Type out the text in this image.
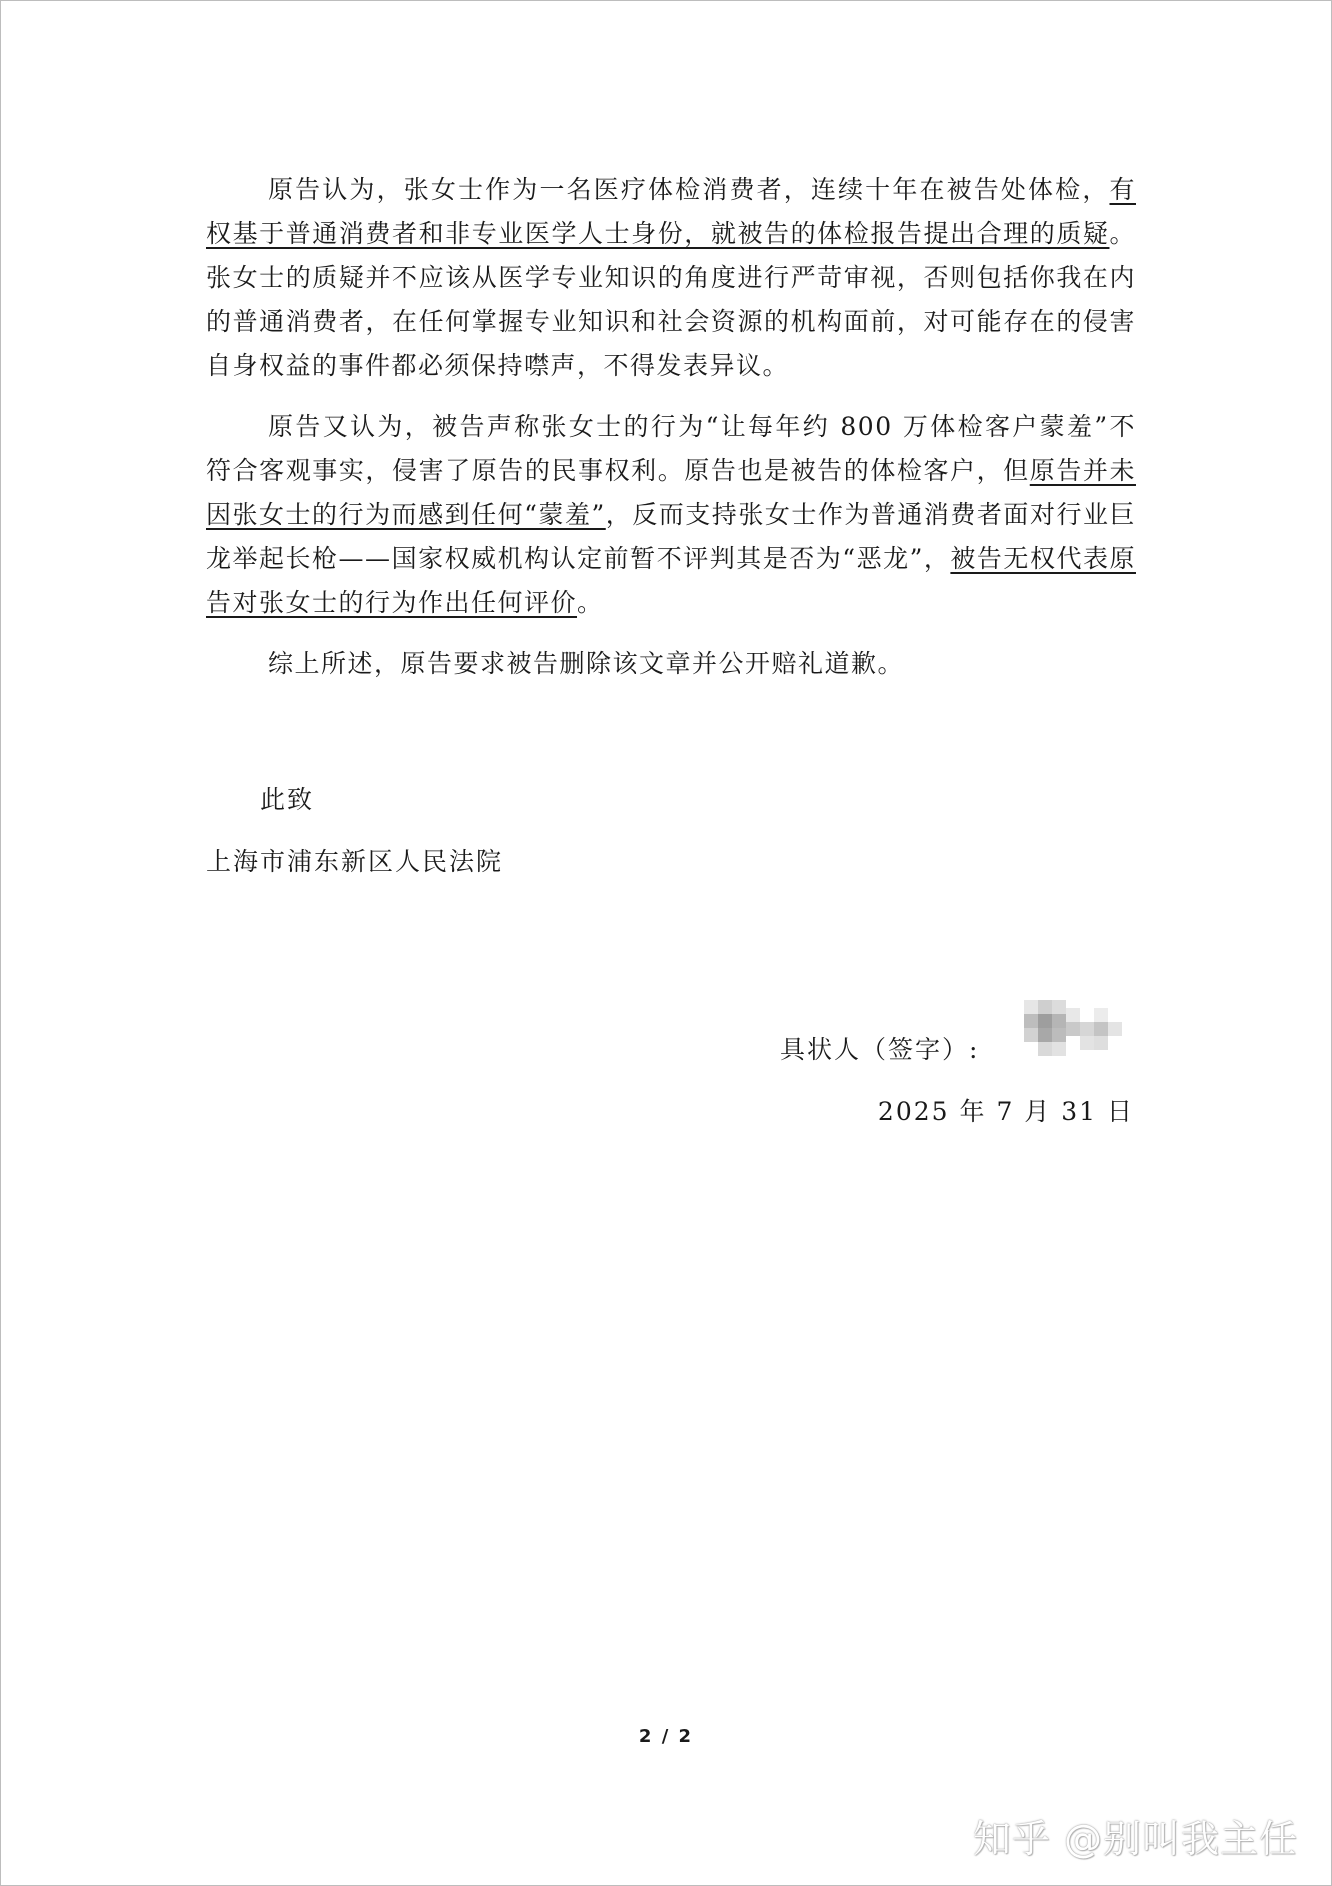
原告认为，张女士作为一名医疗体检消费者，连续十年在被告处体检，有权基于普通消费者和非专业医学人士身份，就被告的体检报告提出合理的质疑。张女士的质疑并不应该从医学专业知识的角度进行严苛审视，否则包括你我在内的普通消费者，在任何掌握专业知识和社会资源的机构面前，对可能存在的侵害自身权益的事件都必须保持噤声，不得发表异议。

原告又认为，被告声称张女士的行为“让每年约 800 万体检客户蒙羞”不符合客观事实，侵害了原告的民事权利。原告也是被告的体检客户，但原告并未因张女士的行为而感到任何“蒙羞”，反而支持张女士作为普通消费者面对行业巨龙举起长枪——国家权威机构认定前暂不评判其是否为“恶龙”，被告无权代表原告对张女士的行为作出任何评价。

综上所述，原告要求被告删除该文章并公开赔礼道歉。

此致
上海市浦东新区人民法院
具状人（签字）:
2025 年 7 月 31 日
2 / 2
知乎 @别叫我主任
